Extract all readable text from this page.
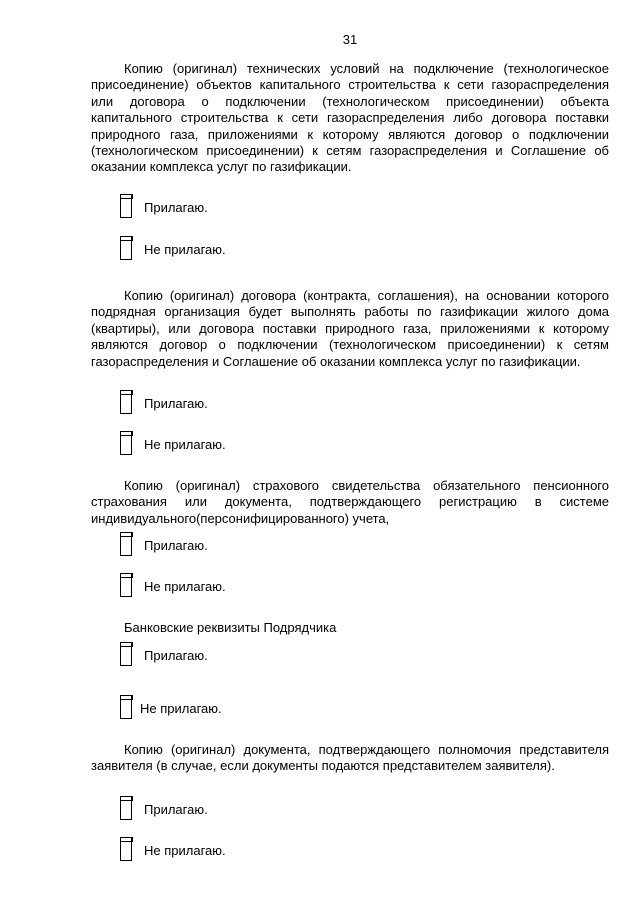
31
Копию (оригинал) технических условий на подключение (технологическое присоединение) объектов капитального строительства к сети газораспределения или договора о подключении (технологическом присоединении) объекта капитального строительства к сети газораспределения либо договора поставки природного газа, приложениями к которому являются договор о подключении (технологическом присоединении) к сетям газораспределения и Соглашение об оказании комплекса услуг по газификации.
Прилагаю.
Не прилагаю.
Копию (оригинал) договора (контракта, соглашения), на основании которого подрядная организация будет выполнять работы по газификации жилого дома (квартиры), или договора поставки природного газа, приложениями к которому являются договор о подключении (технологическом присоединении) к сетям газораспределения и Соглашение об оказании комплекса услуг по газификации.
Прилагаю.
Не прилагаю.
Копию (оригинал) страхового свидетельства обязательного пенсионного страхования или документа, подтверждающего регистрацию в системе индивидуального(персонифицированного) учета,
Прилагаю.
Не прилагаю.
Банковские реквизиты Подрядчика
Прилагаю.
Не прилагаю.
Копию (оригинал) документа, подтверждающего полномочия представителя заявителя (в случае, если документы подаются представителем заявителя).
Прилагаю.
Не прилагаю.
